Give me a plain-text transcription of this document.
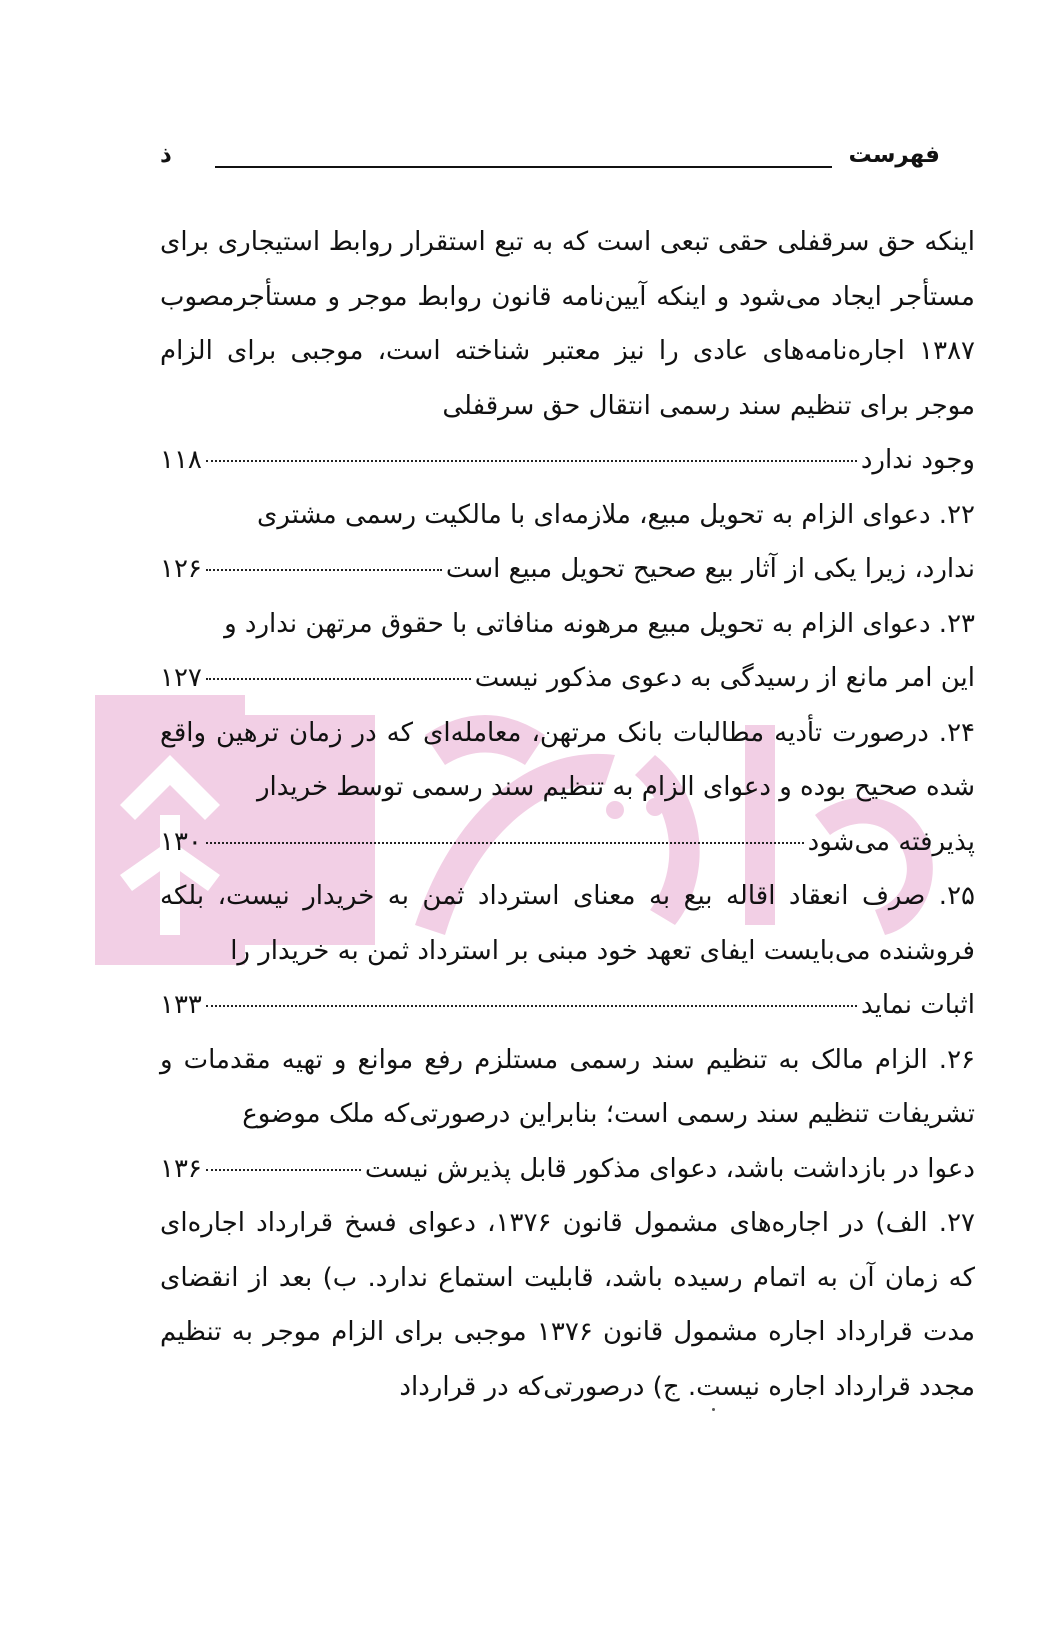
فهرست
ذ
اینکه حق سرقفلی حقی تبعی است که به تبع استقرار روابط استیجاری برای مستأجر ایجاد می‌شود و اینکه آیین‌نامه قانون روابط موجر و مستأجرمصوب ۱۳۸۷ اجاره‌نامه‌های عادی را نیز معتبر شناخته است، موجبی برای الزام موجر برای تنظیم سند رسمی انتقال حق سرقفلی
وجود ندارد
۱۱۸
۲۲. دعوای الزام به تحویل مبیع، ملازمه‌ای با مالکیت رسمی مشتری
ندارد، زیرا یکی از آثار بیع صحیح تحویل مبیع است
۱۲۶
۲۳. دعوای الزام به تحویل مبیع مرهونه منافاتی با حقوق مرتهن ندارد و
این امر مانع از رسیدگی به دعوی مذکور نیست
۱۲۷
۲۴. درصورت تأدیه مطالبات بانک مرتهن، معامله‌ای که در زمان ترهین واقع شده صحیح بوده و دعوای الزام به تنظیم سند رسمی توسط خریدار
پذیرفته می‌شود
۱۳۰
۲۵. صرف انعقاد اقاله بیع به معنای استرداد ثمن به خریدار نیست، بلکه فروشنده می‌بایست ایفای تعهد خود مبنی بر استرداد ثمن به خریدار را
اثبات نماید
۱۳۳
۲۶. الزام مالک به تنظیم سند رسمی مستلزم رفع موانع و تهیه مقدمات و تشریفات تنظیم سند رسمی است؛ بنابراین درصورتی‌که ملک موضوع
دعوا در بازداشت باشد، دعوای مذکور قابل پذیرش نیست
۱۳۶
۲۷. الف) در اجاره‌های مشمول قانون ۱۳۷۶، دعوای فسخ قرارداد اجاره‌ای که زمان آن به اتمام رسیده باشد، قابلیت استماع ندارد. ب) بعد از انقضای مدت قرارداد اجاره مشمول قانون ۱۳۷۶ موجبی برای الزام موجر به تنظیم مجدد قرارداد اجاره نیست. ج) درصورتی‌که در قرارداد
